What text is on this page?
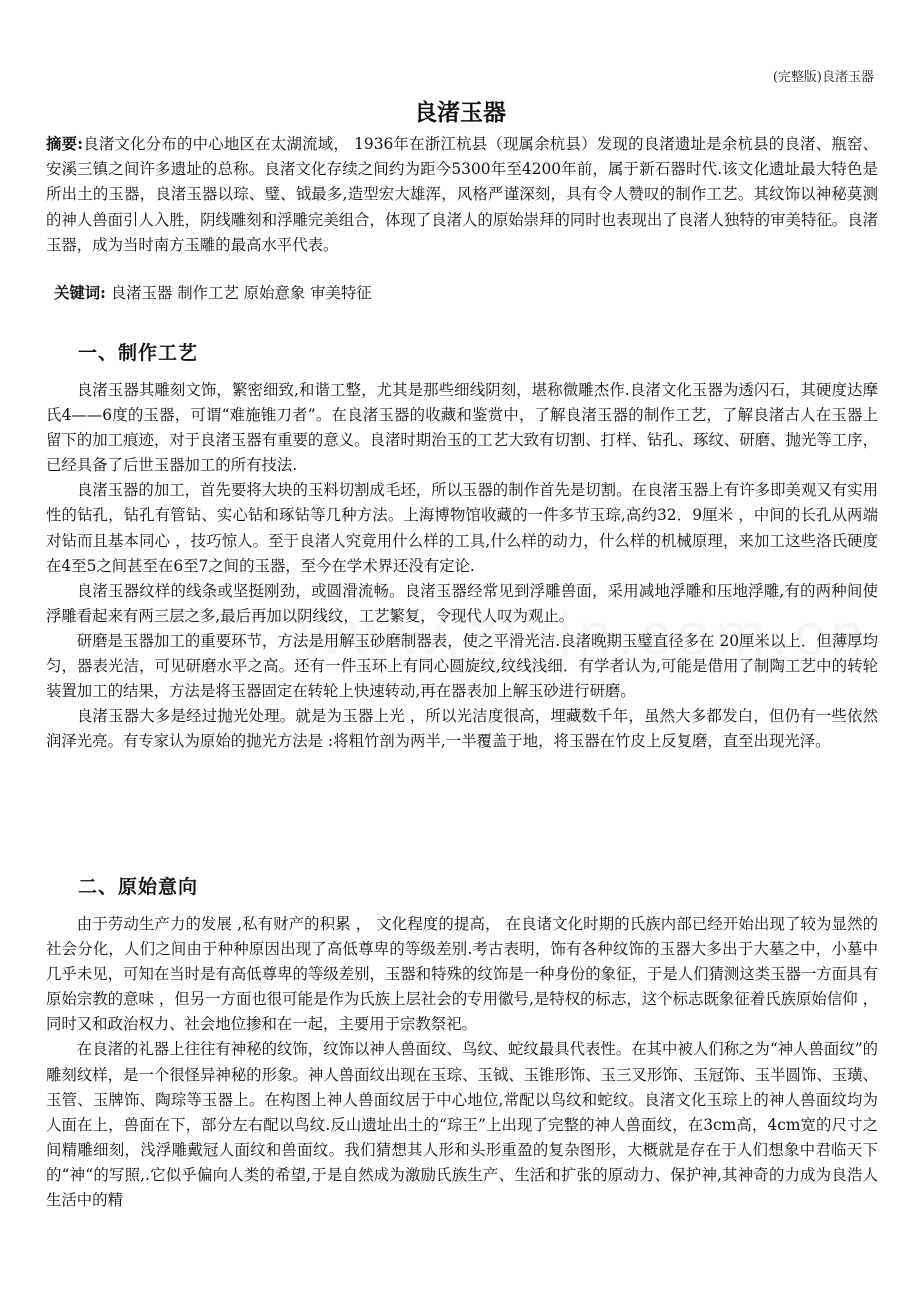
(完整版)良渚玉器
良渚玉器

摘要:良渚文化分布的中心地区在太湖流域， 1936年在浙江杭县（现属余杭县）发现的良渚遗址是余杭县的良渚、瓶窑、安溪三镇之间许多遗址的总称。良渚文化存续之间约为距今5300年至4200年前，属于新石器时代.该文化遗址最大特色是所出土的玉器，良渚玉器以琮、璧、钺最多,造型宏大雄浑，风格严谨深刻，具有令人赞叹的制作工艺。其纹饰以神秘莫测的神人兽面引人入胜，阴线雕刻和浮雕完美组合，体现了良渚人的原始崇拜的同时也表现出了良渚人独特的审美特征。良渚玉器，成为当时南方玉雕的最高水平代表。

关键词: 良渚玉器 制作工艺 原始意象 审美特征

一、制作工艺

良渚玉器其雕刻文饰，繁密细致,和谐工整，尤其是那些细线阴刻，堪称微雕杰作.良渚文化玉器为透闪石，其硬度达摩氏4——6度的玉器，可谓“难施锥刀者”。在良渚玉器的收藏和鉴赏中，了解良渚玉器的制作工艺，了解良渚古人在玉器上留下的加工痕迹，对于良渚玉器有重要的意义。良渚时期治玉的工艺大致有切割、打样、钻孔、琢纹、研磨、抛光等工序，已经具备了后世玉器加工的所有技法.

良渚玉器的加工，首先要将大块的玉料切割成毛坯，所以玉器的制作首先是切割。在良渚玉器上有许多即美观又有实用性的钻孔，钻孔有管钻、实心钻和琢钻等几种方法。上海博物馆收藏的一件多节玉琮,高约32．9厘米 ，中间的长孔从两端对钻而且基本同心 ，技巧惊人。至于良渚人究竟用什么样的工具,什么样的动力，什么样的机械原理，来加工这些洛氏硬度在4至5之间甚至在6至7之间的玉器，至今在学术界还没有定论.

良渚玉器纹样的线条或坚挺刚劲，或圆滑流畅。良渚玉器经常见到浮雕兽面，采用减地浮雕和压地浮雕,有的两种间使浮雕看起来有两三层之多,最后再加以阴线纹，工艺繁复，令现代人叹为观止。

研磨是玉器加工的重要环节，方法是用解玉砂磨制器表，使之平滑光洁.良渚晚期玉璧直径多在 20厘米以上．但薄厚均匀，器表光洁，可见研磨水平之高。还有一件玉环上有同心圆旋纹,纹线浅细．有学者认为,可能是借用了制陶工艺中的转轮装置加工的结果，方法是将玉器固定在转轮上快速转动,再在器表加上解玉砂进行研磨。

良渚玉器大多是经过抛光处理。就是为玉器上光 ，所以光洁度很高，埋藏数千年，虽然大多都发白，但仍有一些依然润泽光亮。有专家认为原始的抛光方法是 :将粗竹剖为两半,一半覆盖于地，将玉器在竹皮上反复磨，直至出现光泽。

二、原始意向

由于劳动生产力的发展 ,私有财产的积累 ， 文化程度的提高， 在良诸文化时期的氏族内部已经开始出现了较为显然的社会分化，人们之间由于种种原因出现了高低尊卑的等级差别.考古表明，饰有各种纹饰的玉器大多出于大墓之中，小墓中几乎未见，可知在当时是有高低尊卑的等级差别，玉器和特殊的纹饰是一种身份的象征，于是人们猜测这类玉器一方面具有原始宗教的意味 ，但另一方面也很可能是作为氏族上层社会的专用徽号,是特权的标志，这个标志既象征着氏族原始信仰 ，同时又和政治权力、社会地位掺和在一起，主要用于宗教祭祀。

在良渚的礼器上往往有神秘的纹饰，纹饰以神人兽面纹、鸟纹、蛇纹最具代表性。在其中被人们称之为“神人兽面纹”的雕刻纹样，是一个很怪异神秘的形象。神人兽面纹出现在玉琮、玉钺、玉锥形饰、玉三叉形饰、玉冠饰、玉半圆饰、玉璜、玉管、玉牌饰、陶琮等玉器上。在构图上神人兽面纹居于中心地位,常配以鸟纹和蛇纹。良渚文化玉琮上的神人兽面纹均为人面在上，兽面在下，部分左右配以鸟纹.反山遗址出土的“琮王”上出现了完整的神人兽面纹，在3cm高，4cm宽的尺寸之间精雕细刻，浅浮雕戴冠人面纹和兽面纹。我们猜想其人形和头形重盈的复杂图形，大概就是存在于人们想象中君临天下的“神“的写照,.它似乎偏向人类的希望,于是自然成为激励氏族生产、生活和扩张的原动力、保护神,其神奇的力成为良浩人生活中的精
